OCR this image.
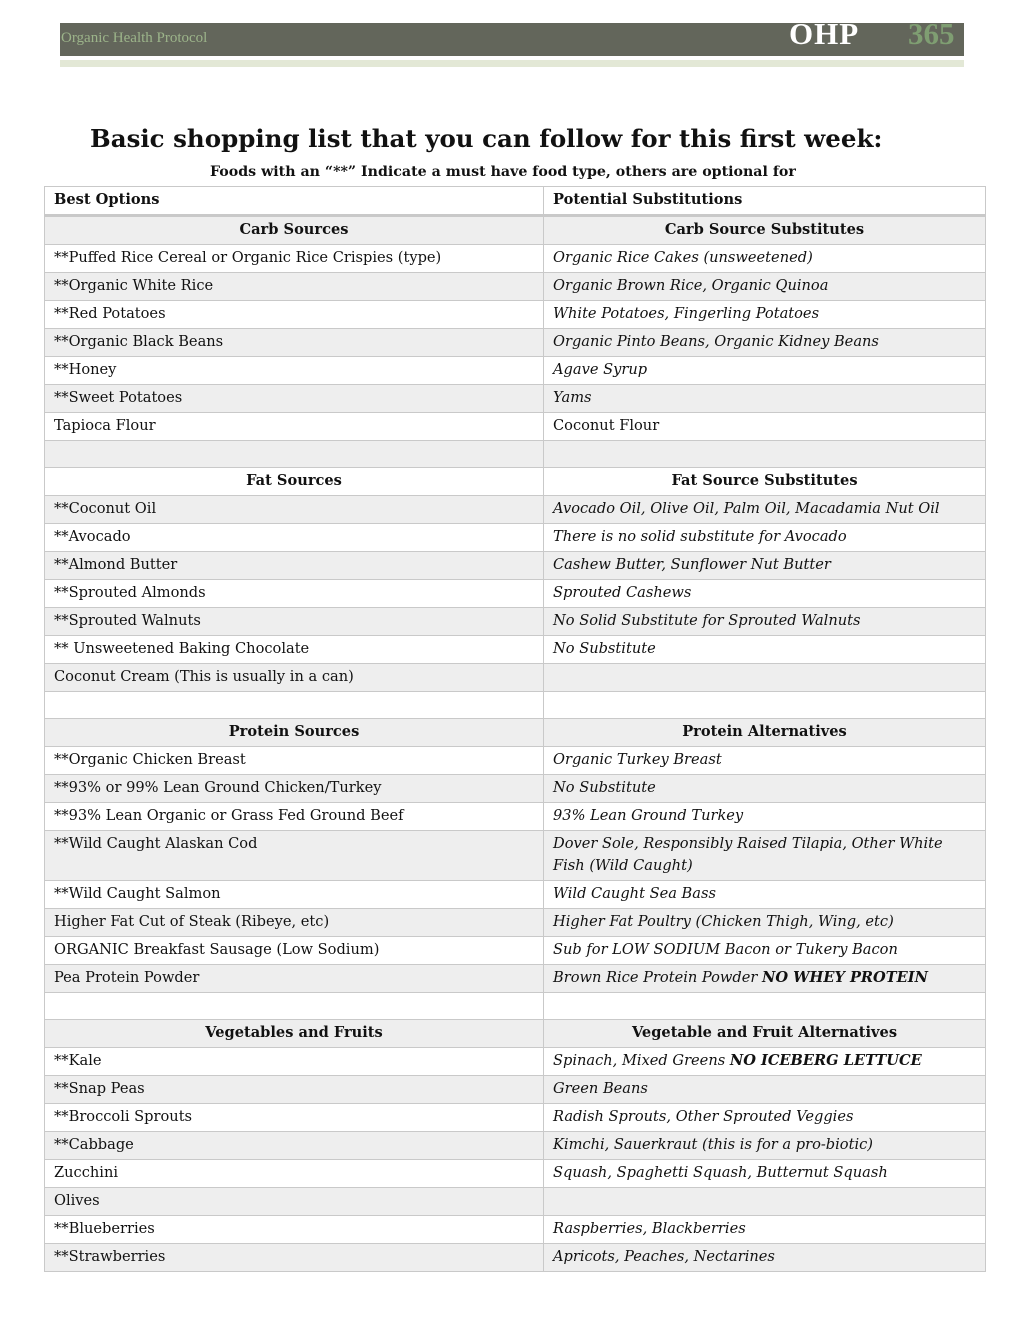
Organic Health Protocol	OHP 365
Basic shopping list that you can follow for this first week:
Foods with an “**” Indicate a must have food type, others are optional for
Best Options	Potential Substitutions
Carb Sources	Carb Source Substitutes
**Puffed Rice Cereal or Organic Rice Crispies (type)	Organic Rice Cakes (unsweetened)
**Organic White Rice	Organic Brown Rice, Organic Quinoa
**Red Potatoes	White Potatoes, Fingerling Potatoes
**Organic Black Beans	Organic Pinto Beans, Organic Kidney Beans
**Honey	Agave Syrup
**Sweet Potatoes	Yams
Tapioca Flour	Coconut Flour

Fat Sources	Fat Source Substitutes
**Coconut Oil	Avocado Oil, Olive Oil, Palm Oil, Macadamia Nut Oil
**Avocado	There is no solid substitute for Avocado
**Almond Butter	Cashew Butter, Sunflower Nut Butter
**Sprouted Almonds	Sprouted Cashews
**Sprouted Walnuts	No Solid Substitute for Sprouted Walnuts
** Unsweetened Baking Chocolate	No Substitute
Coconut Cream (This is usually in a can)	

Protein Sources	Protein Alternatives
**Organic Chicken Breast	Organic Turkey Breast
**93% or 99% Lean Ground Chicken/Turkey	No Substitute
**93% Lean Organic or Grass Fed Ground Beef	93% Lean Ground Turkey
**Wild Caught Alaskan Cod	Dover Sole, Responsibly Raised Tilapia, Other White Fish (Wild Caught)
**Wild Caught Salmon	Wild Caught Sea Bass
Higher Fat Cut of Steak (Ribeye, etc)	Higher Fat Poultry (Chicken Thigh, Wing, etc)
ORGANIC Breakfast Sausage (Low Sodium)	Sub for LOW SODIUM Bacon or Tukery Bacon
Pea Protein Powder	Brown Rice Protein Powder NO WHEY PROTEIN

Vegetables and Fruits	Vegetable and Fruit Alternatives
**Kale	Spinach, Mixed Greens NO ICEBERG LETTUCE
**Snap Peas	Green Beans
**Broccoli Sprouts	Radish Sprouts, Other Sprouted Veggies
**Cabbage	Kimchi, Sauerkraut (this is for a pro-biotic)
Zucchini	Squash, Spaghetti Squash, Butternut Squash
Olives	
**Blueberries	Raspberries, Blackberries
**Strawberries	Apricots, Peaches, Nectarines
